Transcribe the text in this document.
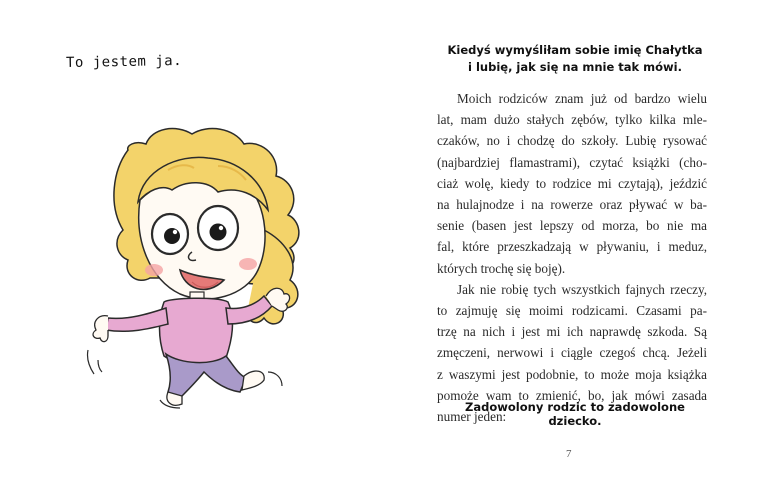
To jestem ja.
Kiedyś wymyśliłam sobie imię Chałytka
i lubię, jak się na mnie tak mówi.
Moich rodziców znam już od bardzo wielu
lat, mam dużo stałych zębów, tylko kilka mle-
czaków, no i chodzę do szkoły. Lubię rysować
(najbardziej flamastrami), czytać książki (cho-
ciaż wolę, kiedy to rodzice mi czytają), jeździć
na hulajnodze i na rowerze oraz pływać w ba-
senie (basen jest lepszy od morza, bo nie ma
fal, które przeszkadzają w pływaniu, i meduz,
których trochę się boję).
Jak nie robię tych wszystkich fajnych rzeczy,
to zajmuję się moimi rodzicami. Czasami pa-
trzę na nich i jest mi ich naprawdę szkoda. Są
zmęczeni, nerwowi i ciągle czegoś chcą. Jeżeli
z waszymi jest podobnie, to może moja książka
pomoże wam to zmienić, bo, jak mówi zasada
numer jeden:
Zadowolony rodzic to zadowolone dziecko.
7
